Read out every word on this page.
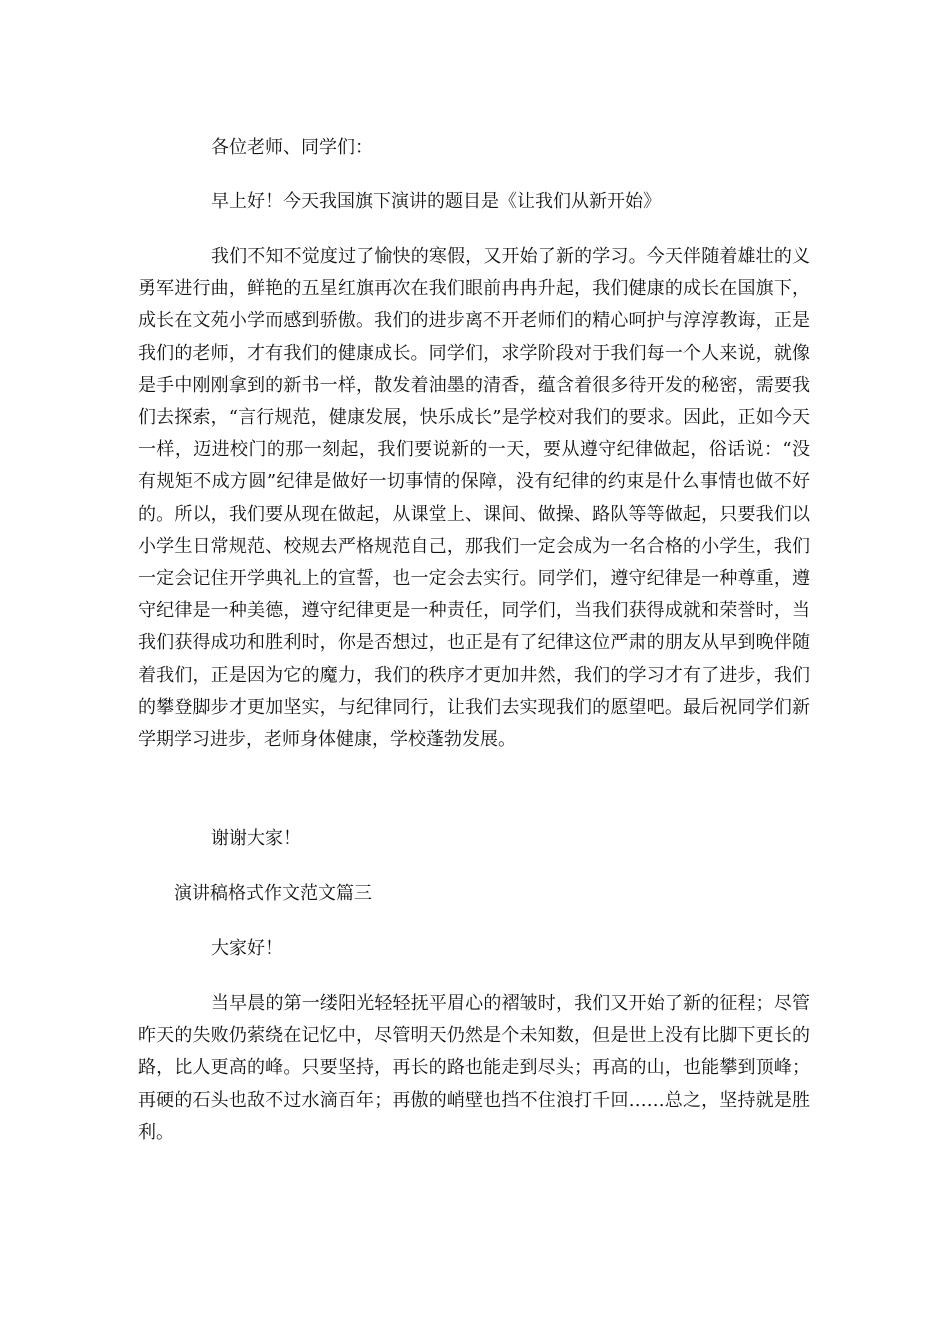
各位老师、同学们：
早上好！今天我国旗下演讲的题目是《让我们从新开始》

我们不知不觉度过了愉快的寒假，又开始了新的学习。今天伴随着雄壮的义勇军进行曲，鲜艳的五星红旗再次在我们眼前冉冉升起，我们健康的成长在国旗下，成长在文苑小学而感到骄傲。我们的进步离不开老师们的精心呵护与淳淳教诲，正是我们的老师，才有我们的健康成长。同学们，求学阶段对于我们每一个人来说，就像是手中刚刚拿到的新书一样，散发着油墨的清香，蕴含着很多待开发的秘密，需要我们去探索，“言行规范，健康发展，快乐成长”是学校对我们的要求。因此，正如今天一样，迈进校门的那一刻起，我们要说新的一天，要从遵守纪律做起，俗话说：“没有规矩不成方圆”纪律是做好一切事情的保障，没有纪律的约束是什么事情也做不好的。所以，我们要从现在做起，从课堂上、课间、做操、路队等等做起，只要我们以小学生日常规范、校规去严格规范自己，那我们一定会成为一名合格的小学生，我们一定会记住开学典礼上的宣誓，也一定会去实行。同学们，遵守纪律是一种尊重，遵守纪律是一种美德，遵守纪律更是一种责任，同学们，当我们获得成就和荣誉时，当我们获得成功和胜利时，你是否想过，也正是有了纪律这位严肃的朋友从早到晚伴随着我们，正是因为它的魔力，我们的秩序才更加井然，我们的学习才有了进步，我们的攀登脚步才更加坚实，与纪律同行，让我们去实现我们的愿望吧。最后祝同学们新学期学习进步，老师身体健康，学校蓬勃发展。

谢谢大家！
演讲稿格式作文范文篇三
大家好！

当早晨的第一缕阳光轻轻抚平眉心的褶皱时，我们又开始了新的征程；尽管昨天的失败仍萦绕在记忆中，尽管明天仍然是个未知数，但是世上没有比脚下更长的路，比人更高的峰。只要坚持，再长的路也能走到尽头；再高的山，也能攀到顶峰；再硬的石头也敌不过水滴百年；再傲的峭壁也挡不住浪打千回……总之，坚持就是胜利。
